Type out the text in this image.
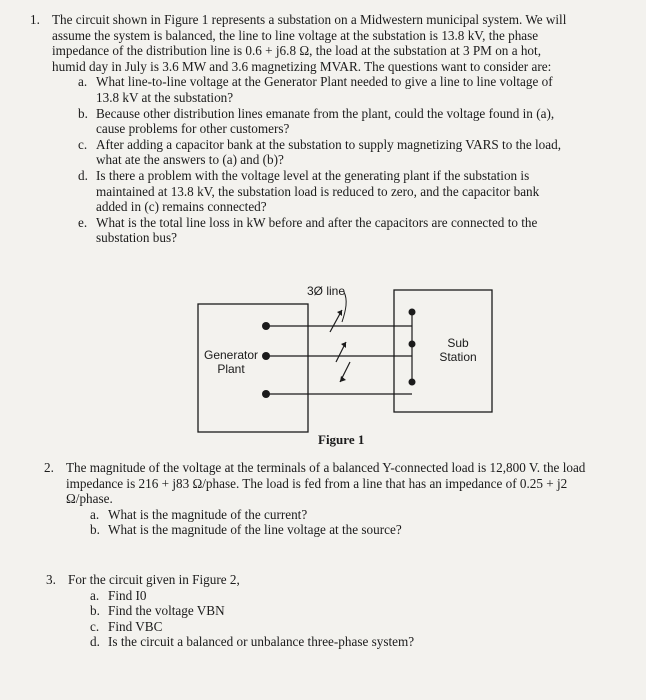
1. The circuit shown in Figure 1 represents a substation on a Midwestern municipal system. We will assume the system is balanced, the line to line voltage at the substation is 13.8 kV, the phase impedance of the distribution line is 0.6 + j6.8 Ω, the load at the substation at 3 PM on a hot, humid day in July is 3.6 MW and 3.6 magnetizing MVAR. The questions want to consider are:

a. What line-to-line voltage at the Generator Plant needed to give a line to line voltage of 13.8 kV at the substation?
b. Because other distribution lines emanate from the plant, could the voltage found in (a), cause problems for other customers?
c. After adding a capacitor bank at the substation to supply magnetizing VARS to the load, what ate the answers to (a) and (b)?
d. Is there a problem with the voltage level at the generating plant if the substation is maintained at 13.8 kV, the substation load is reduced to zero, and the capacitor bank added in (c) remains connected?
e. What is the total line loss in kW before and after the capacitors are connected to the substation bus?
3Ø line
Generator Plant
Sub Station
Figure 1
2. The magnitude of the voltage at the terminals of a balanced Y-connected load is 12,800 V. the load impedance is 216 + j83 Ω/phase. The load is fed from a line that has an impedance of 0.25 + j2 Ω/phase.

a. What is the magnitude of the current?
b. What is the magnitude of the line voltage at the source?
3. For the circuit given in Figure 2,

a. Find I0
b. Find the voltage VBN
c. Find VBC
d. Is the circuit a balanced or unbalance three-phase system?
